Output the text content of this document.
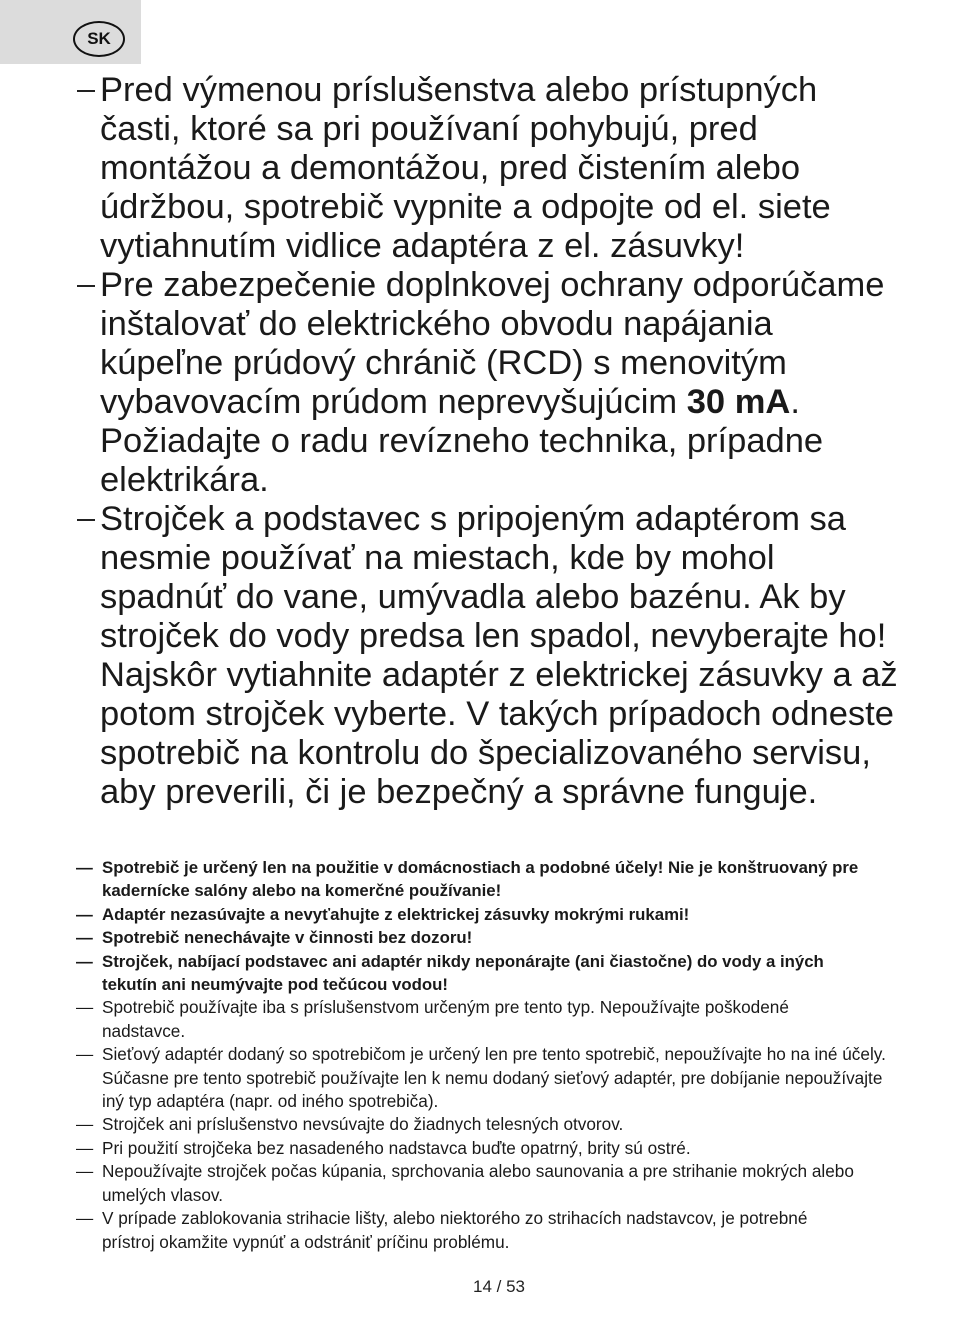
SK
Pred výmenou príslušenstva alebo prístupných časti, ktoré sa pri používaní pohybujú, pred montážou a demontážou, pred čistením alebo údržbou, spotrebič vypnite a odpojte od el. siete vytiahnutím vidlice adaptéra z el. zásuvky!
Pre zabezpečenie doplnkovej ochrany odporúčame inštalovať do elektrického obvodu napájania kúpeľne prúdový chránič (RCD) s menovitým vybavovacím prúdom neprevyšujúcim 30 mA. Požiadajte o radu revízneho technika, prípadne elektrikára.
Strojček a podstavec s pripojeným adaptérom sa nesmie používať na miestach, kde by mohol spadnúť do vane, umývadla alebo bazénu. Ak by strojček do vody predsa len spadol, nevyberajte ho! Najskôr vytiahnite adaptér z elektrickej zásuvky a až potom strojček vyberte. V takých prípadoch odneste spotrebič na kontrolu do špecializovaného servisu, aby preverili, či je bezpečný a správne funguje.
— Spotrebič je určený len na použitie v domácnostiach a podobné účely! Nie je konštruovaný pre kadernícke salóny alebo na komerčné používanie!
— Adaptér nezasúvajte a nevyťahujte z elektrickej zásuvky mokrými rukami!
— Spotrebič nenechávajte v činnosti bez dozoru!
— Strojček, nabíjací podstavec ani adaptér nikdy neponárajte (ani čiastočne) do vody a iných tekutín ani neumývajte pod tečúcou vodou!
— Spotrebič používajte iba s príslušenstvom určeným pre tento typ. Nepoužívajte poškodené nadstavce.
— Sieťový adaptér dodaný so spotrebičom je určený len pre tento spotrebič, nepoužívajte ho na iné účely. Súčasne pre tento spotrebič používajte len k nemu dodaný sieťový adaptér, pre dobíjanie nepoužívajte iný typ adaptéra (napr. od iného spotrebiča).
— Strojček ani príslušenstvo nevsúvajte do žiadnych telesných otvorov.
— Pri použití strojčeka bez nasadeného nadstavca buďte opatrný, brity sú ostré.
— Nepoužívajte strojček počas kúpania, sprchovania alebo saunovania a pre strihanie mokrých alebo umelých vlasov.
— V prípade zablokovania strihacie lišty, alebo niektorého zo strihacích nadstavcov, je potrebné prístroj okamžite vypnúť a odstrániť príčinu problému.
14 / 53
